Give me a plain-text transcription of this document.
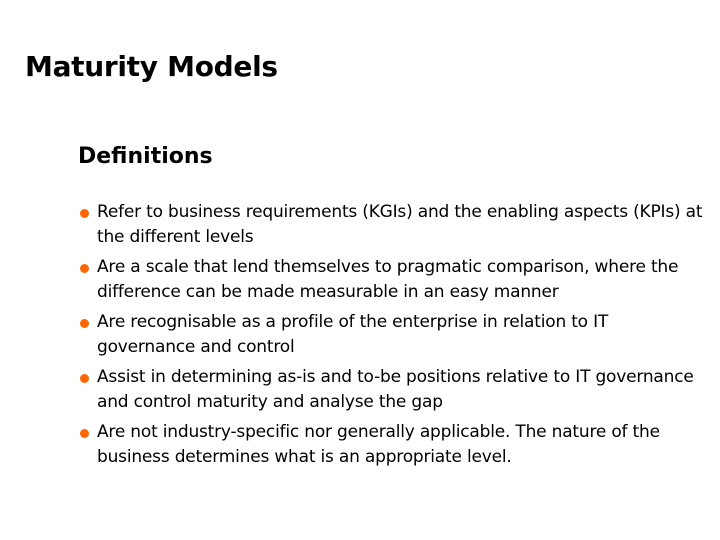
Maturity Models
Definitions
Refer to business requirements (KGIs) and the enabling aspects (KPIs) at the different levels
Are a scale that lend themselves to pragmatic comparison, where the difference can be made measurable in an easy manner
Are recognisable as a profile of the enterprise in relation to IT governance and control
Assist in determining as-is and to-be positions relative to IT governance and control maturity and analyse the gap
Are not industry-specific nor generally applicable. The nature of the business determines what is an appropriate level.
